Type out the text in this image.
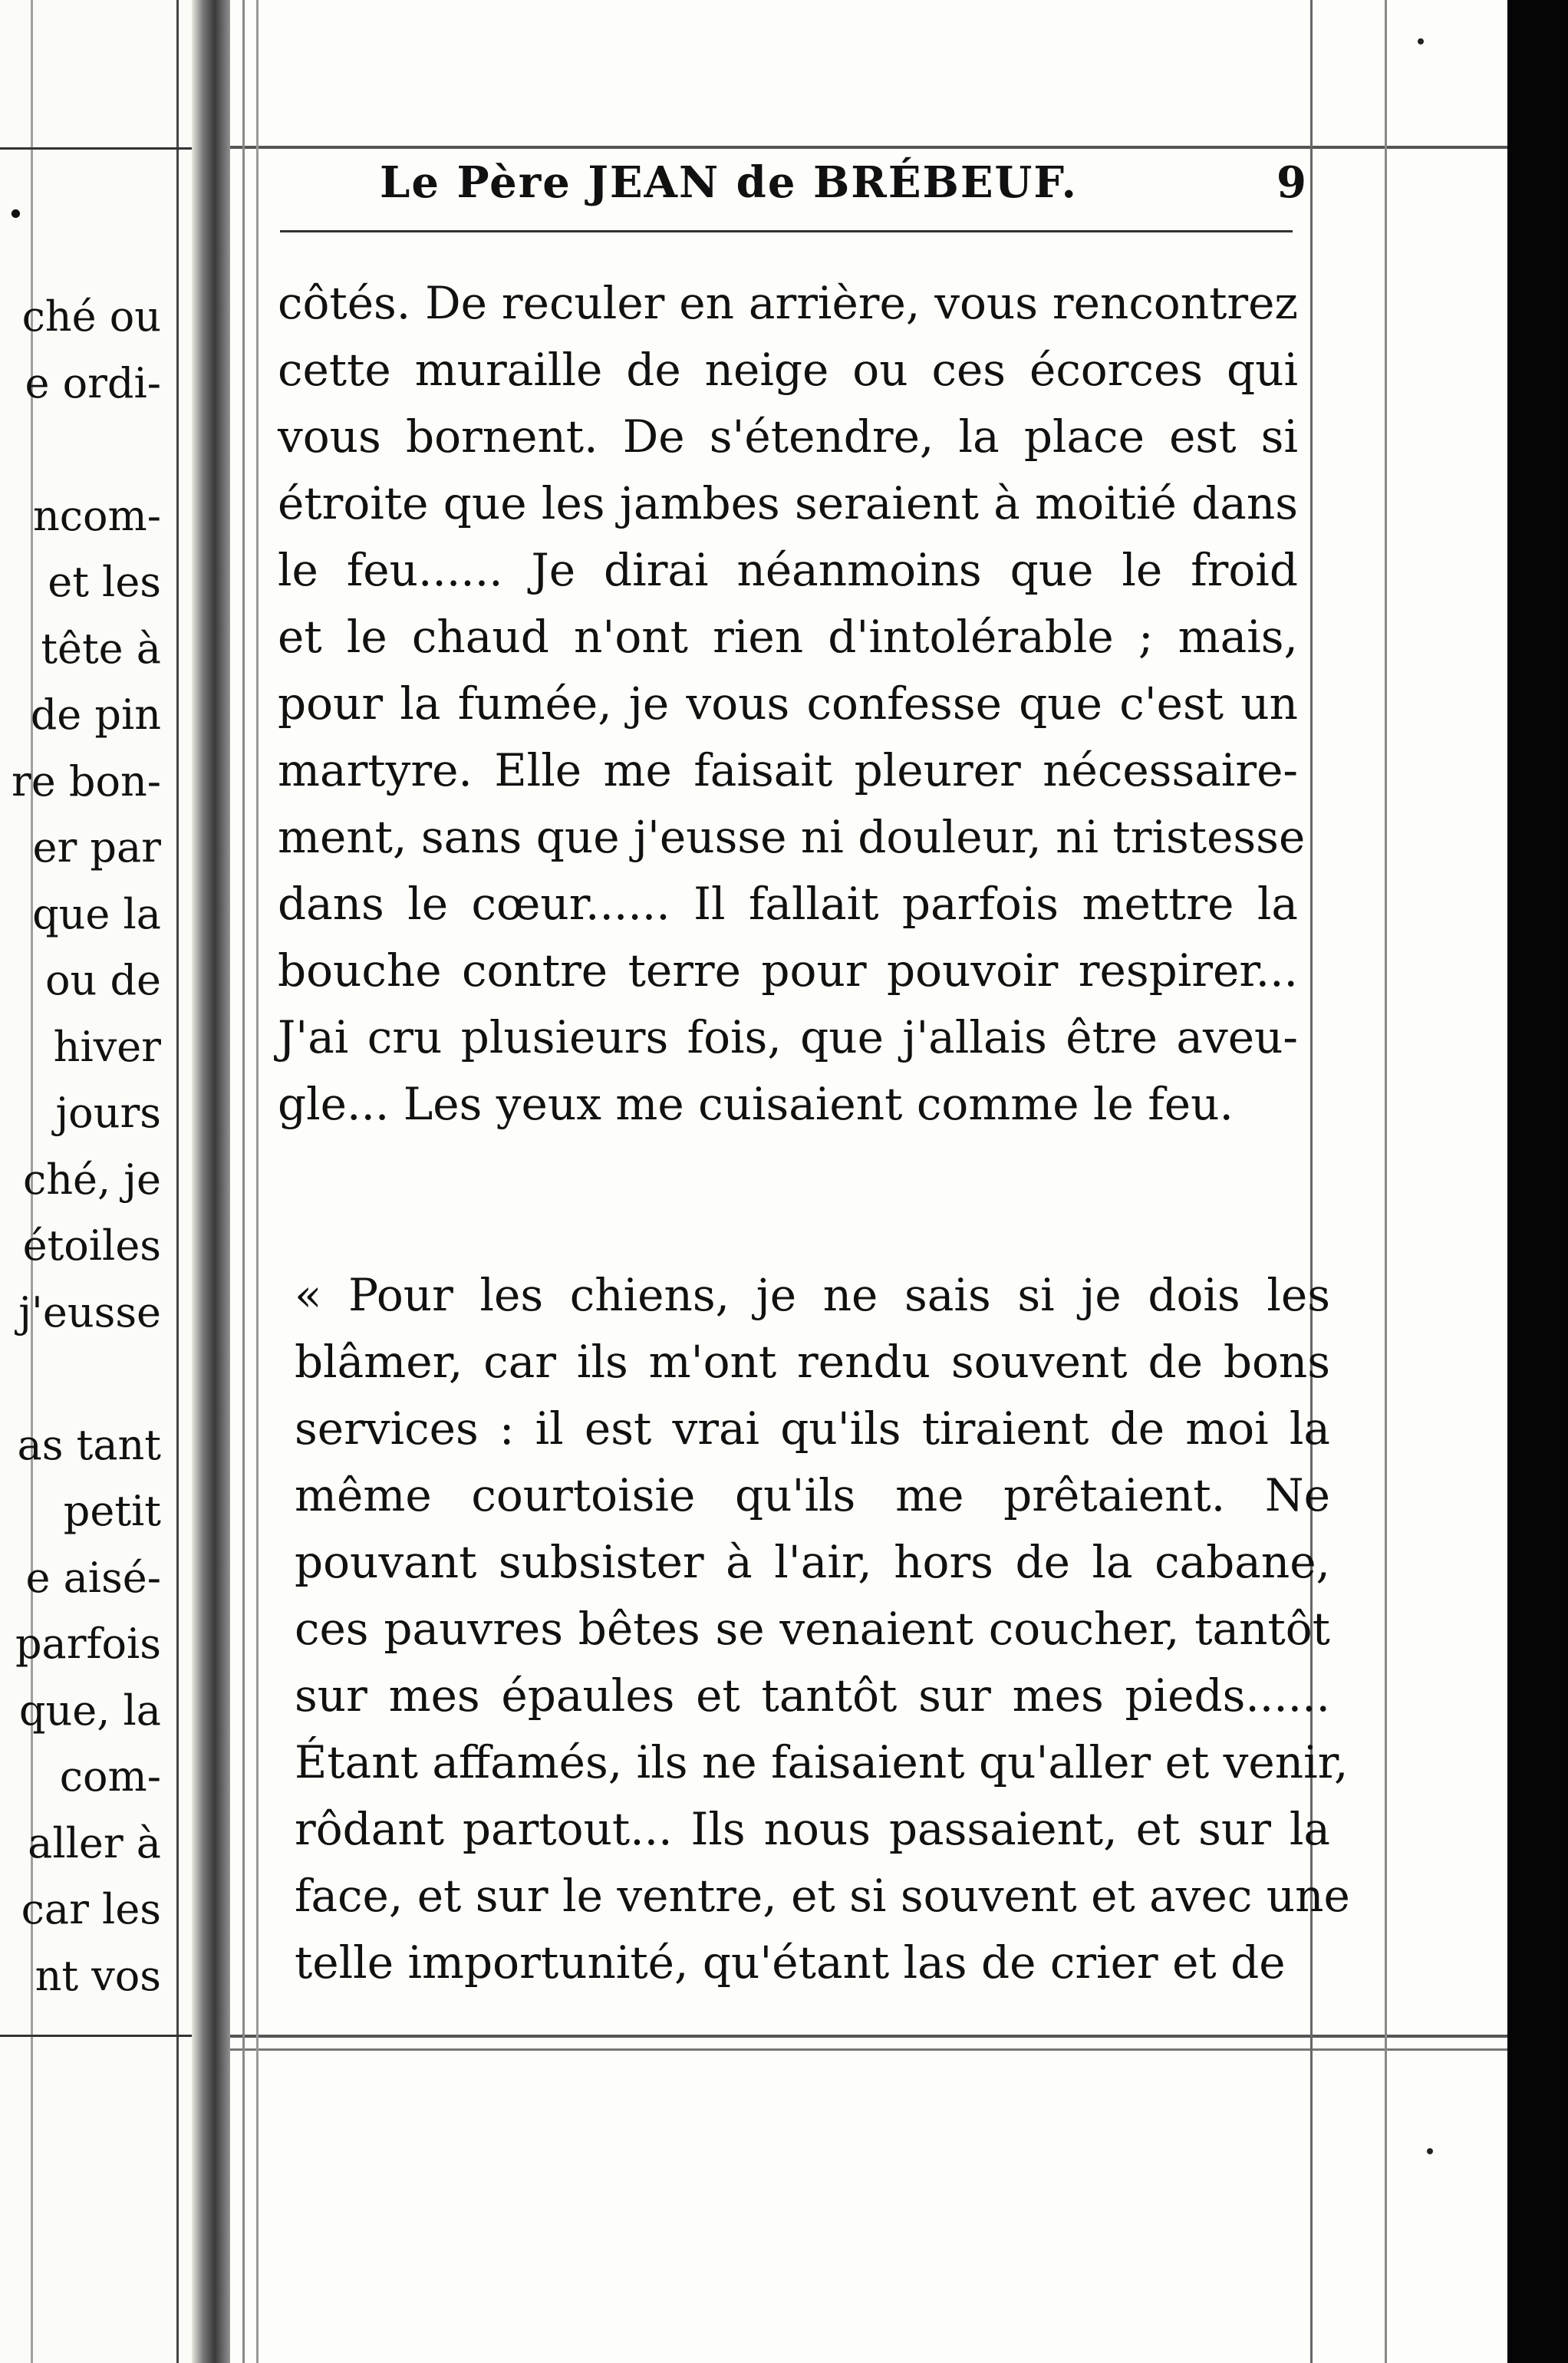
.
ché ou
e ordi-

ncom-
et les
tête à
de pin
re bon-
er par
que la
ou de
hiver
jours
ché, je
étoiles
j'eusse

as tant
petit
e aisé-
parfois
que, la
com-
aller à
car les
nt vos
Le Père JEAN de BRÉBEUF.	9
côtés. De reculer en arrière, vous rencontrez
cette muraille de neige ou ces écorces qui
vous bornent. De s'étendre, la place est si
étroite que les jambes seraient à moitié dans
le feu...... Je dirai néanmoins que le froid
et le chaud n'ont rien d'intolérable ; mais,
pour la fumée, je vous confesse que c'est un
martyre. Elle me faisait pleurer nécessaire-
ment, sans que j'eusse ni douleur, ni tristesse
dans le cœur...... Il fallait parfois mettre la
bouche contre terre pour pouvoir respirer...
J'ai cru plusieurs fois, que j'allais être aveu-
gle... Les yeux me cuisaient comme le feu.
« Pour les chiens, je ne sais si je dois les
blâmer, car ils m'ont rendu souvent de bons
services : il est vrai qu'ils tiraient de moi la
même courtoisie qu'ils me prêtaient. Ne
pouvant subsister à l'air, hors de la cabane,
ces pauvres bêtes se venaient coucher, tantôt
sur mes épaules et tantôt sur mes pieds......
Étant affamés, ils ne faisaient qu'aller et venir,
rôdant partout... Ils nous passaient, et sur la
face, et sur le ventre, et si souvent et avec une
telle importunité, qu'étant las de crier et de
